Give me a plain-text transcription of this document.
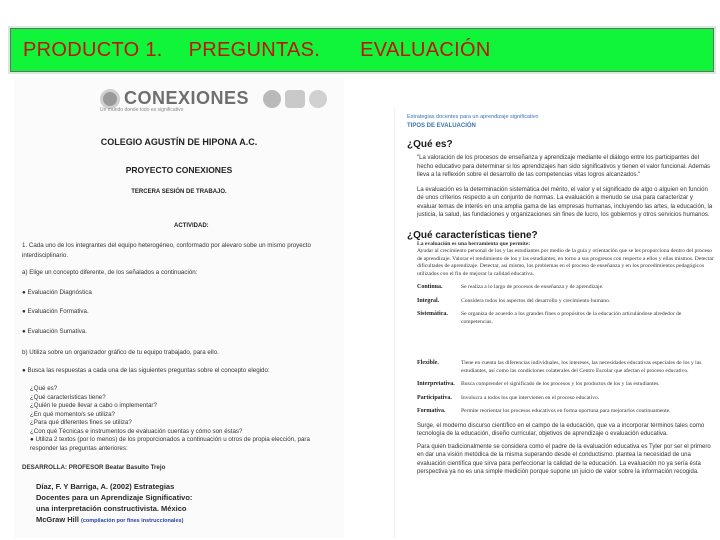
PRODUCTO 1. PREGUNTAS. EVALUACIÓN
CONEXIONES
Un mundo donde todo es significativo
COLEGIO AGUSTÍN DE HIPONA A.C.
PROYECTO CONEXIONES
TERCERA SESIÓN DE TRABAJO.
ACTIVIDAD:
1. Cada uno de los integrantes del equipo heterogéneo, conformado por alevaro sobe un mismo proyecto interdisciplinario.
a) Elige un concepto diferente, de los señalados a continuación:
● Evaluación Diagnóstica
● Evaluación Formativa.
● Evaluación Sumativa.
b) Utiliza sobre un organizador gráfico de tu equipo trabajado, para ello.
● Busca las respuestas a cada una de las siguientes preguntas sobre el concepto elegido:
¿Qué es?
¿Qué características tiene?
¿Quién le puede llevar a cabo o implementar?
¿En qué momento/s se utiliza?
¿Para qué diferentes fines se utiliza?
¿Con qué Técnicas e instrumentos de evaluación cuentas y cómo son éstas?
● Utiliza 2 textos (por lo menos) de los proporcionados a continuación u otros de propia elección, para responder las preguntas anteriores:
DESARROLLA: PROFESOR Beatar Basulto Trejo
Díaz, F. Y Barriga, A. (2002) Estrategias
Docentes para un Aprendizaje Significativo:
una interpretación constructivista. México
McGraw Hill (compilación por fines instruccionales)
Estrategias docentes para un aprendizaje significativo
TIPOS DE EVALUACIÓN
¿Qué es?
"La valoración de los procesos de enseñanza y aprendizaje mediante el diálogo entre los participantes del hecho educativo para determinar si los aprendizajes han sido significativos y tienen el valor funcional. Además lleva a la reflexión sobre el desarrollo de las competencias vitas logros alcanzados."
La evaluación es la determinación sistemática del mérito, el valor y el significado de algo o alguien en función de unos criterios respecto a un conjunto de normas. La evaluación a menudo se usa para caracterizar y evaluar temas de interés en una amplia gama de las empresas humanas, incluyendo las artes, la educación, la justicia, la salud, las fundaciones y organizaciones sin fines de lucro, los gobiernos y otros servicios humanos.
¿Qué características tiene?
La evaluación es una herramienta que permite:
Ayudar al crecimiento personal de los y las estudiantes por medio de la guía y orientación que se les proporciona dentro del proceso de aprendizaje. Valorar el rendimiento de los y las estudiantes, en torno a sus progresos con respecto a ellos y ellas mismos. Detectar dificultades de aprendizaje. Detectar, así mismo, los problemas en el proceso de enseñanza y en los procedimientos pedagógicos utilizados con el fin de mejorar la calidad educativa.
Continua.	Se realiza a lo largo de procesos de enseñanza y de aprendizaje.
Integral.	Considera todos los aspectos del desarrollo y crecimiento humano.
Sistemática.	Se organiza de acuerdo a los grandes fines o propósitos de la educación articulándose alrededor de competencias.
Flexible.	Tiene en cuenta las diferencias individuales, los intereses, las necesidades educativas especiales de los y las estudiantes, así como las condiciones colaterales del Centro Escolar que afectan el proceso educativo.
Interpretativa.	Busca comprender el significado de los procesos y los productos de los y las estudiantes.
Participativa.	Involucra a todos los que intervienen en el proceso educativo.
Formativa.	Permite reorientar los procesos educativos en forma oportuna para mejorarlos continuamente.
Surge, el moderno discurso científico en el campo de la educación, que va a incorporar términos tales como tecnología de la educación, diseño curricular, objetivos de aprendizaje o evaluación educativa.
Para quien tradicionalmente se considera como el padre de la evaluación educativa es Tyler por ser el primero en dar una visión metódica de la misma superando desde el conductismo. plantea la necesidad de una evaluación científica que sirva para perfeccionar la calidad de la educación. La evaluación no ya sería ésta perspectiva ya no es una simple medición porque supone un juicio de valor sobre la información recogida.
